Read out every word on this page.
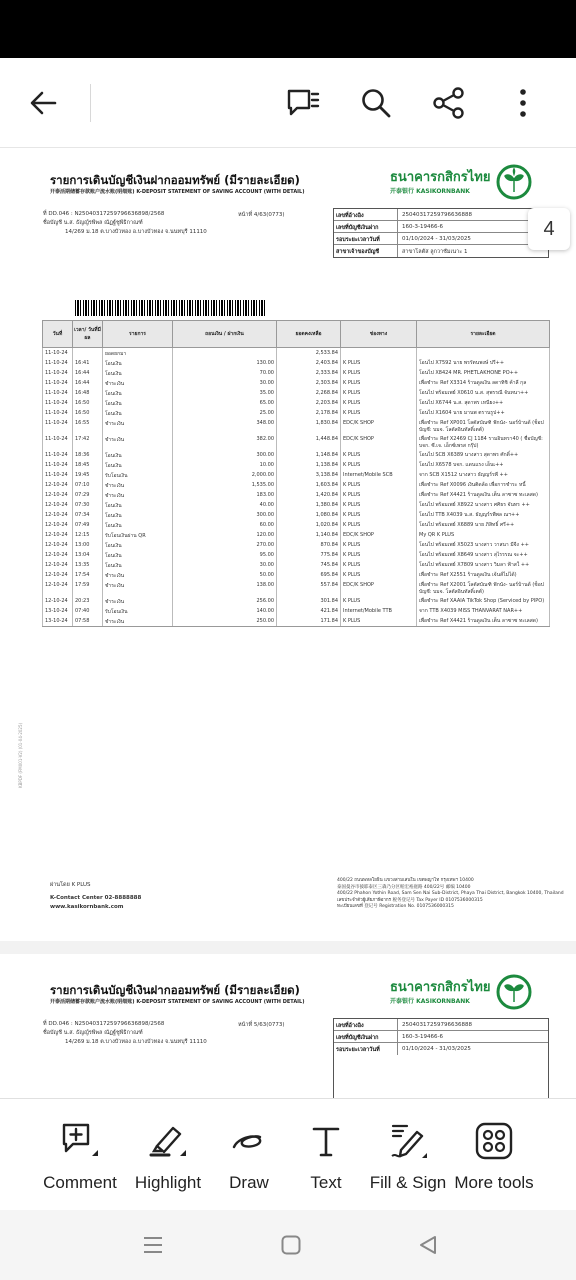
รายการเดินบัญชีเงินฝากออมทรัพย์ (มีรายละเอียด)
开泰活期储蓄存款账户流水账(明细账) K-DEPOSIT STATEMENT OF SAVING ACCOUNT (WITH DETAIL)
ธนาคารกสิกรไทย
开泰银行 KASIKORNBANK
ที่ DD.046 : N25040317259796636898/2568
ชื่อบัญชี น.ส. ธัญญ์รพีพล ณัฏฐ์ชูพีธิกาณฑ์
14/269 ม.18 ต.บางบัวทอง อ.บางบัวทอง จ.นนทบุรี 11110
หน้าที่ 4/63(0773)	เลขที่อ้างอิง	25040317259796636888
เลขที่บัญชีเงินฝาก	160-3-19466-6
รอบระยะเวลาวันที่	01/10/2024 - 31/03/2025
สาขาเจ้าของบัญชี	สาขาโลตัส ลูกวาชัมเนาะ 1
4
วันที่	เวลา/ วันที่มีผล	รายการ	ถอนเงิน / ฝากเงิน	ยอดคงเหลือ	ช่องทาง	รายละเอียด
11-10-24		ยอดยกมา		2,533.84		
11-10-24	16:41	โอนเงิน	130.00	2,403.84	K PLUS	โอนไป X7592 นาย พรรัตนพงษ์ ปรี++
11-10-24	16:44	โอนเงิน	70.00	2,333.84	K PLUS	โอนไป X8424 MR. PHETLAKHONE PO++
11-10-24	16:44	ชำระเงิน	30.00	2,303.84	K PLUS	เพื่อชำระ Ref X3314 ร้านดูลเงิน ลดาทิชิ ค้าลี กุล
11-10-24	16:48	โอนเงิน	35.00	2,268.84	K PLUS	โอนไป พร้อมเพย์ X0610 น.ส. สุพรรณี จันทนา++
11-10-24	16:50	โอนเงิน	65.00	2,203.84	K PLUS	โอนไป X6744 น.ส. สุดาพร เหนียง++
11-10-24	16:50	โอนเงิน	25.00	2,178.84	K PLUS	โอนไป X1604 นาย มานพ ตรานรูป++
11-10-24	16:55	ชำระเงิน	348.00	1,830.84	EDC/K SHOP	เพื่อชำระ Ref XP001 โลตัสบัณฑิ ฟักนัง- นอร์บ้านด้ (ช็อปบัญชี: บมจ. โลตัสอินทัสดิ์เตต์)
11-10-24	17:42	ชำระเงิน	382.00	1,448.84	EDC/K SHOP	เพื่อชำระ Ref X2469 CJ 1184 รามอินทรา40 ( ชื่อบัญชี: บจก. ซี.เจ. เอ็กซ์เพรส กรุ๊ป)
11-10-24	18:36	โอนเงิน	300.00	1,148.84	K PLUS	โอนไป SCB X6389 นางสาว สุดาพร ศักดิ์++
11-10-24	18:45	โอนเงิน	10.00	1,138.84	K PLUS	โอนไป X6578 บจก. แดนแรง เอ็นเ++
11-10-24	19:45	รับโอนเงิน	2,000.00	3,138.84	Internet/Mobile SCB	จาก SCB X1512 นางสาว ธัญญร์รพี ++
12-10-24	07:10	ชำระเงิน	1,535.00	1,603.84	K PLUS	เพื่อชำระ Ref X0096 เงินติดล้อ เพื่อการชำระ หนี้
12-10-24	07:29	ชำระเงิน	183.00	1,420.84	K PLUS	เพื่อชำระ Ref X4421 ร้านดูลเงิน เต็น ลาซาซ ทะเลสด)
12-10-24	07:30	โอนเงิน	40.00	1,380.84	K PLUS	โอนไป พร้อมเพย์ X8922 นางสาว ศศิธร จันทร ++
12-10-24	07:34	โอนเงิน	300.00	1,080.84	K PLUS	โอนไป TTB X4039 น.ส. ธัญญร์รพีพล ณฯ++
12-10-24	07:49	โอนเงิน	60.00	1,020.84	K PLUS	โอนไป พร้อมเพย์ X6889 นาย ภิสิทธิ์ ศรี++
12-10-24	12:15	รับโอนเงินผ่าน QR	120.00	1,140.84	EDC/K SHOP	My QR K PLUS
12-10-24	13:00	โอนเงิน	270.00	870.84	K PLUS	โอนไป พร้อมเพย์ X5023 นางสาว วาสนา มีจีง ++
12-10-24	13:04	โอนเงิน	95.00	775.84	K PLUS	โอนไป พร้อมเพย์ X8649 นางสาว สุไรรรณ จะ++
12-10-24	13:35	โอนเงิน	30.00	745.84	K PLUS	โอนไป พร้อมเพย์ X7809 นางสาว วิมลา ฟ้าสใ ++
12-10-24	17:54	ชำระเงิน	50.00	695.84	K PLUS	เพื่อชำระ Ref X2551 ร้านดูลเงิน เจ้นส์ไม่ได้)
12-10-24	17:59	ชำระเงิน	138.00	557.84	EDC/K SHOP	เพื่อชำระ Ref X2001 โลตัสบัณฑิ ฟักนัง- นอร์บ้านด้ (ช็อปบัญชี: บมจ. โลตัสอินทัสดิ์เตต์)
12-10-24	20:23	ชำระเงิน	256.00	301.84	K PLUS	เพื่อชำระ Ref XAAIA TikTok Shop (Serviced by PIPO)
13-10-24	07:40	รับโอนเงิน	140.00	421.84	Internet/Mobile TTB	จาก TTB X4039 MISS THANVARAT NAR++
13-10-24	07:58	ชำระเงิน	250.00	171.84	K PLUS	เพื่อชำระ Ref X4421 ร้านดูลเงิน เต็น ลาซาซ ทะเลสด)
KBPDF (FM001-V2) (01-04-2025)
ผ่านโดย K PLUS
K-Contact Center 02-8888888
www.kasikornbank.com
400/22 ถนนพหลโยธิน แขวงสามเสนใน เขตพญาไท กรุงเทพฯ 10400
泰国曼谷市披耶泰区三森乃分区帕宏裕庭路 400/22号 邮编 10400
400/22 Phahon Yothin Road, Sam Sen Nai Sub-District, Phaya Thai District, Bangkok 10400, Thailand
เลขประจำตัวผู้เสียภาษีอากร 税务登记号 Tax Payer ID 0107536000315
ทะเบียนเลขที่ 登记号 Registration No. 0107536000315
รายการเดินบัญชีเงินฝากออมทรัพย์ (มีรายละเอียด)
开泰活期储蓄存款账户流水账(明细账) K-DEPOSIT STATEMENT OF SAVING ACCOUNT (WITH DETAIL)
ธนาคารกสิกรไทย
开泰银行 KASIKORNBANK
ที่ DD.046 : N25040317259796636898/2568
ชื่อบัญชี น.ส. ธัญญ์รพีพล ณัฏฐ์ชูพีธิกาณฑ์
14/269 ม.18 ต.บางบัวทอง อ.บางบัวทอง จ.นนทบุรี 11110
หน้าที่ 5/63(0773)	เลขที่อ้างอิง	25040317259796636888
เลขที่บัญชีเงินฝาก	160-3-19466-6
รอบระยะเวลาวันที่	01/10/2024 - 31/03/2025
Comment Highlight Draw Text Fill & Sign More tools
